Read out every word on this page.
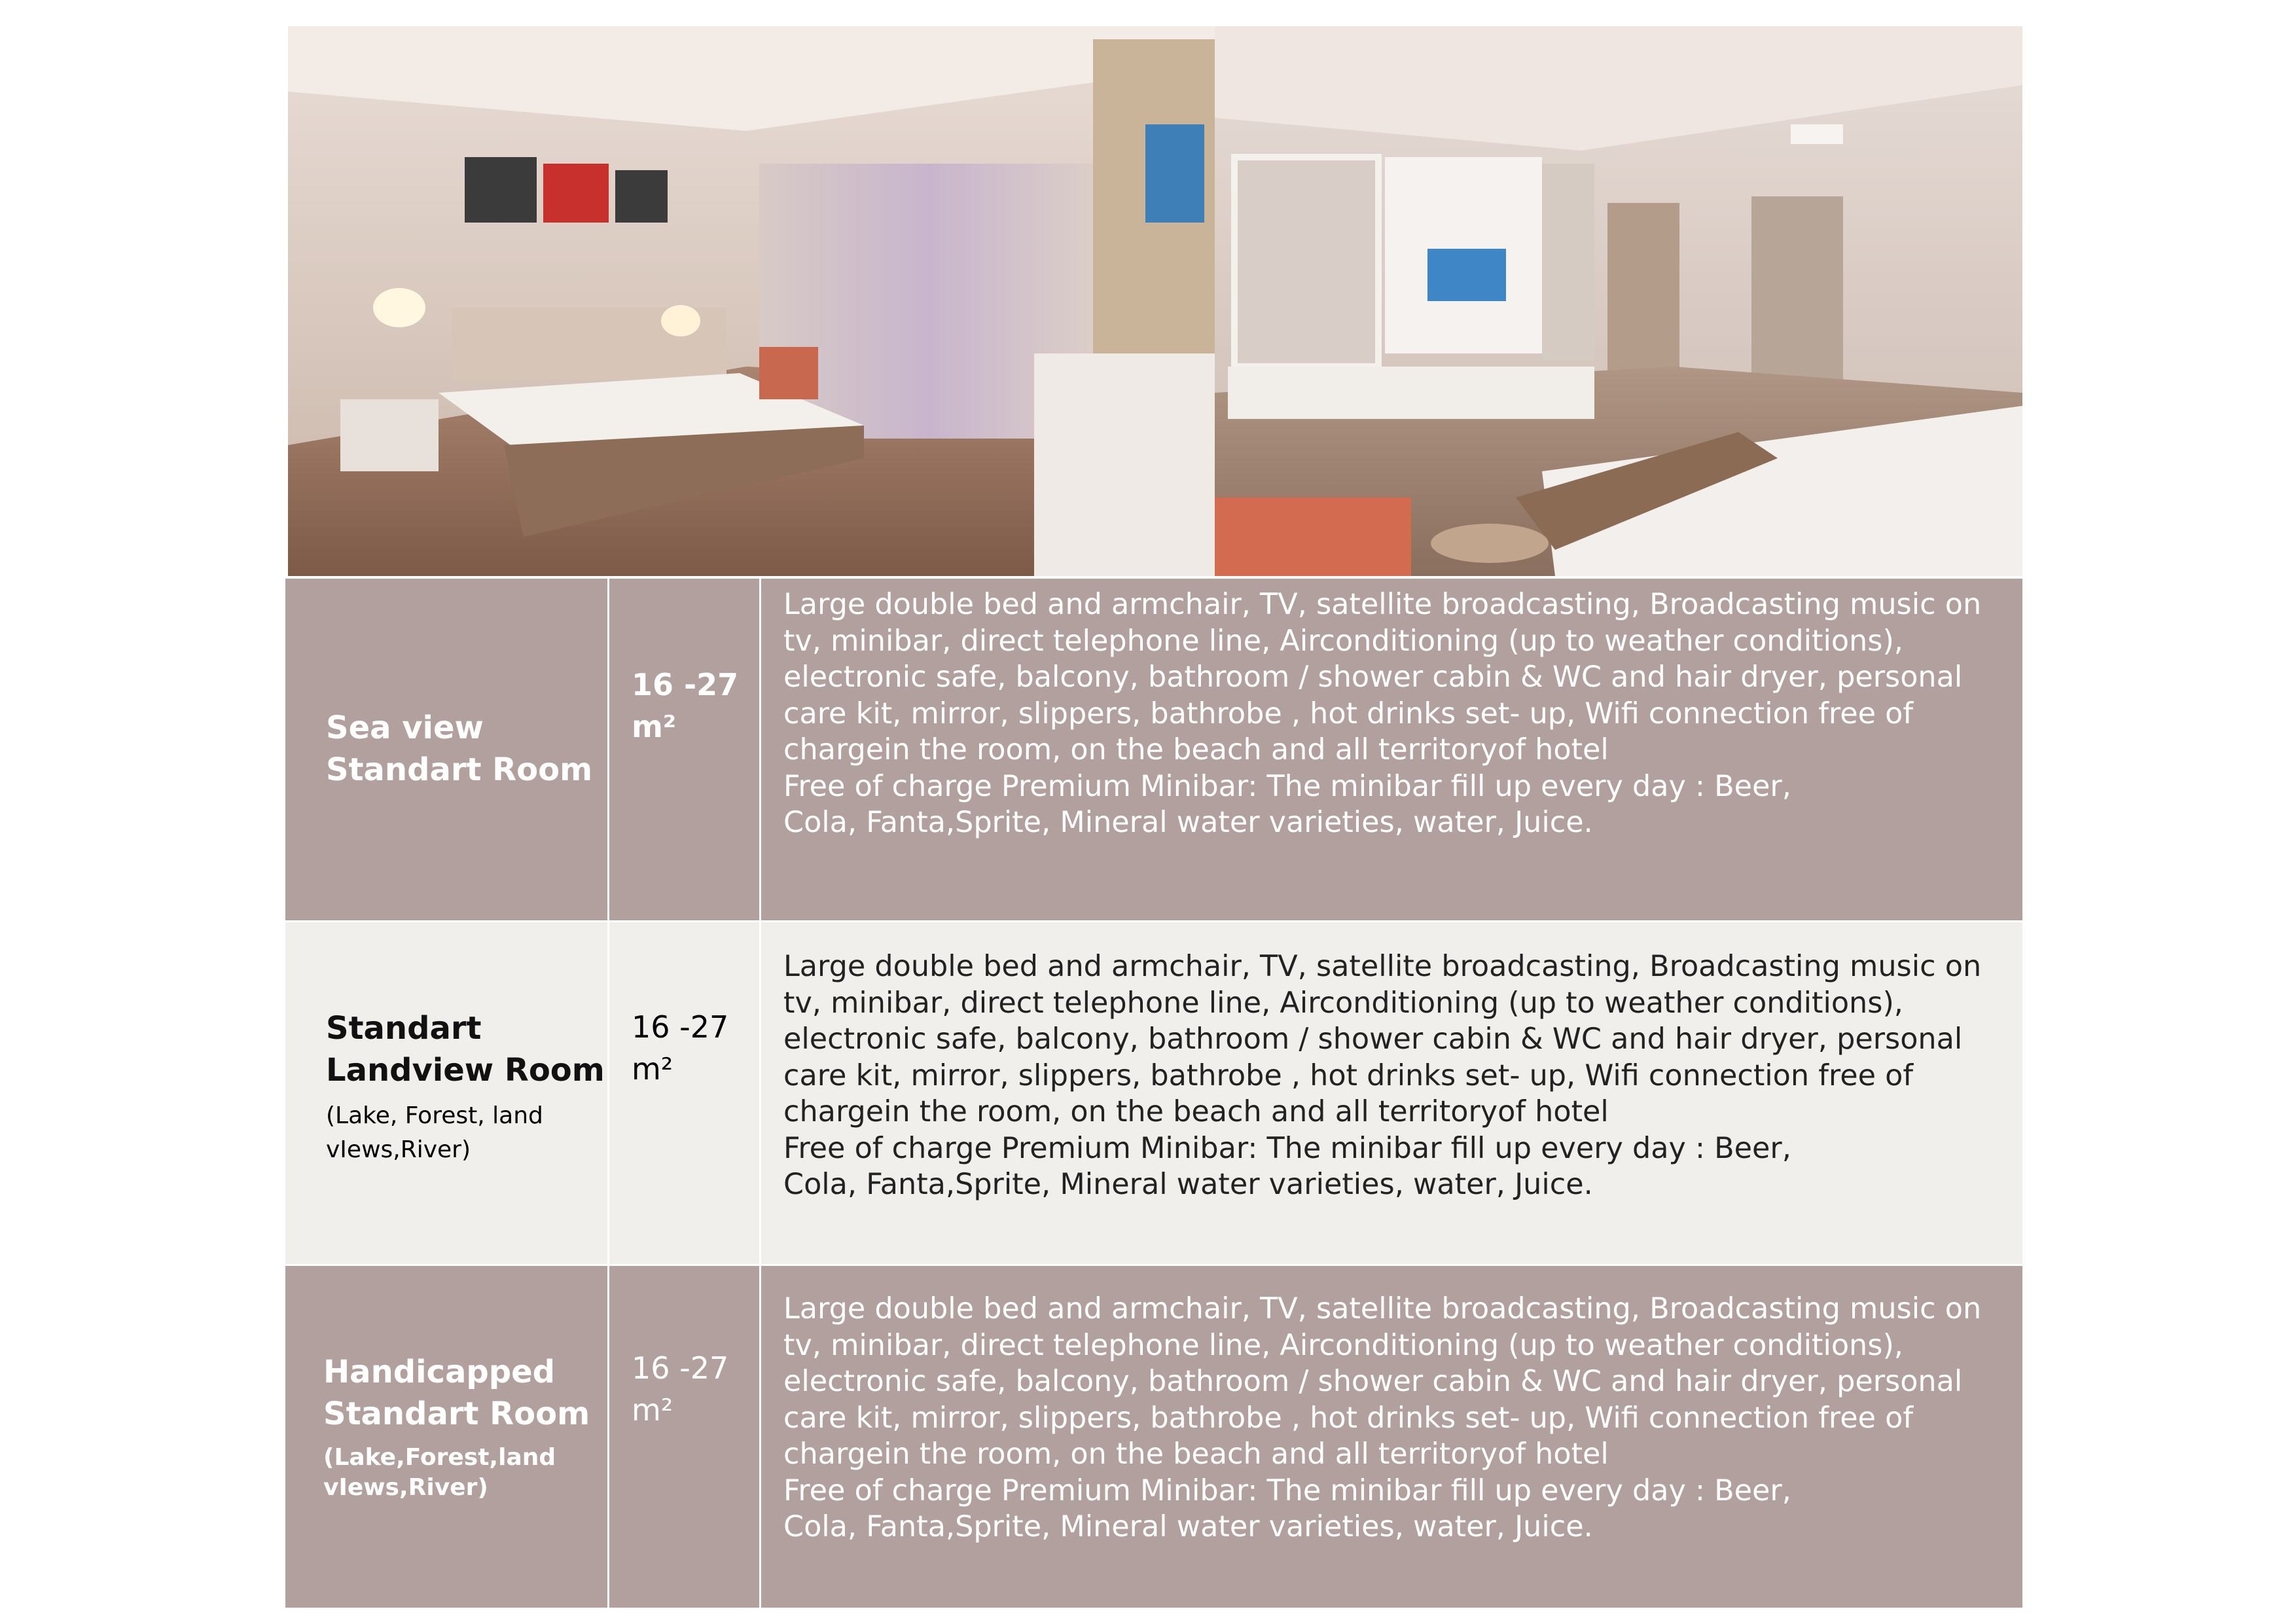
Sea view
Standart Room
16 -27
m²
Large double bed and armchair, TV, satellite broadcasting, Broadcasting music on
tv, minibar, direct telephone line, Airconditioning (up to weather conditions),
electronic safe, balcony, bathroom / shower cabin & WC and hair dryer, personal
care kit, mirror, slippers, bathrobe , hot drinks set- up, Wifi connection free of
chargein the room, on the beach and all territoryof hotel
Free of charge Premium Minibar: The minibar fill up every day : Beer,
Cola, Fanta,Sprite, Mineral water varieties, water, Juice.
Standart
Landview Room
(Lake, Forest, land
vIews,River)
16 -27
m²
Large double bed and armchair, TV, satellite broadcasting, Broadcasting music on
tv, minibar, direct telephone line, Airconditioning (up to weather conditions),
electronic safe, balcony, bathroom / shower cabin & WC and hair dryer, personal
care kit, mirror, slippers, bathrobe , hot drinks set- up, Wifi connection free of
chargein the room, on the beach and all territoryof hotel
Free of charge Premium Minibar: The minibar fill up every day : Beer,
Cola, Fanta,Sprite, Mineral water varieties, water, Juice.
Handicapped
Standart Room
(Lake,Forest,land
vIews,River)
16 -27
m²
Large double bed and armchair, TV, satellite broadcasting, Broadcasting music on
tv, minibar, direct telephone line, Airconditioning (up to weather conditions),
electronic safe, balcony, bathroom / shower cabin & WC and hair dryer, personal
care kit, mirror, slippers, bathrobe , hot drinks set- up, Wifi connection free of
chargein the room, on the beach and all territoryof hotel
Free of charge Premium Minibar: The minibar fill up every day : Beer,
Cola, Fanta,Sprite, Mineral water varieties, water, Juice.
